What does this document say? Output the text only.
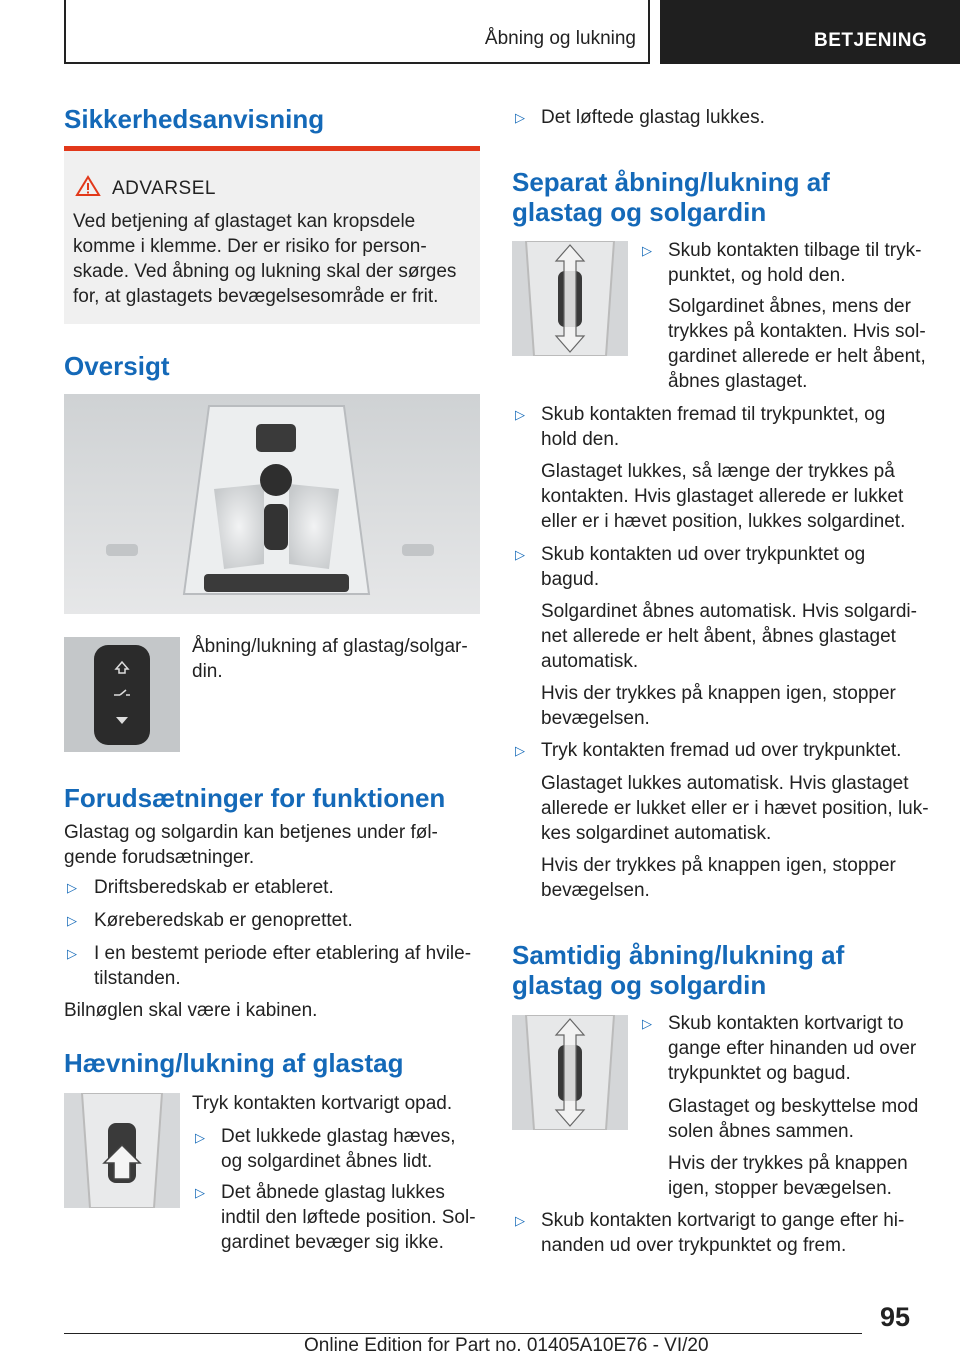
Åbning og lukning	BETJENING
Sikkerhedsanvisning
ADVARSEL
Ved betjening af glastaget kan kropsdele
komme i klemme. Der er risiko for person-
skade. Ved åbning og lukning skal der sørges
for, at glastagets bevægelsesområde er frit.
Oversigt
Åbning/lukning af glastag/solgar-
din.
Forudsætninger for funktionen
Glastag og solgardin kan betjenes under føl-
gende forudsætninger.
▷ Driftsberedskab er etableret.
▷ Køreberedskab er genoprettet.
▷ I en bestemt periode efter etablering af hvile-
tilstanden.
Bilnøglen skal være i kabinen.
Hævning/lukning af glastag
Tryk kontakten kortvarigt opad.
▷ Det lukkede glastag hæves,
og solgardinet åbnes lidt.
▷ Det åbnede glastag lukkes
indtil den løftede position. Sol-
gardinet bevæger sig ikke.
▷ Det løftede glastag lukkes.
Separat åbning/lukning af
glastag og solgardin
▷ Skub kontakten tilbage til tryk-
punktet, og hold den.
Solgardinet åbnes, mens der
trykkes på kontakten. Hvis sol-
gardinet allerede er helt åbent,
åbnes glastaget.
▷ Skub kontakten fremad til trykpunktet, og
hold den.
Glastaget lukkes, så længe der trykkes på
kontakten. Hvis glastaget allerede er lukket
eller er i hævet position, lukkes solgardinet.
▷ Skub kontakten ud over trykpunktet og
bagud.
Solgardinet åbnes automatisk. Hvis solgardi-
net allerede er helt åbent, åbnes glastaget
automatisk.
Hvis der trykkes på knappen igen, stopper
bevægelsen.
▷ Tryk kontakten fremad ud over trykpunktet.
Glastaget lukkes automatisk. Hvis glastaget
allerede er lukket eller er i hævet position, luk-
kes solgardinet automatisk.
Hvis der trykkes på knappen igen, stopper
bevægelsen.
Samtidig åbning/lukning af
glastag og solgardin
▷ Skub kontakten kortvarigt to
gange efter hinanden ud over
trykpunktet og bagud.
Glastaget og beskyttelse mod
solen åbnes sammen.
Hvis der trykkes på knappen
igen, stopper bevægelsen.
▷ Skub kontakten kortvarigt to gange efter hi-
nanden ud over trykpunktet og frem.
95
Online Edition for Part no. 01405A10E76 - VI/20
